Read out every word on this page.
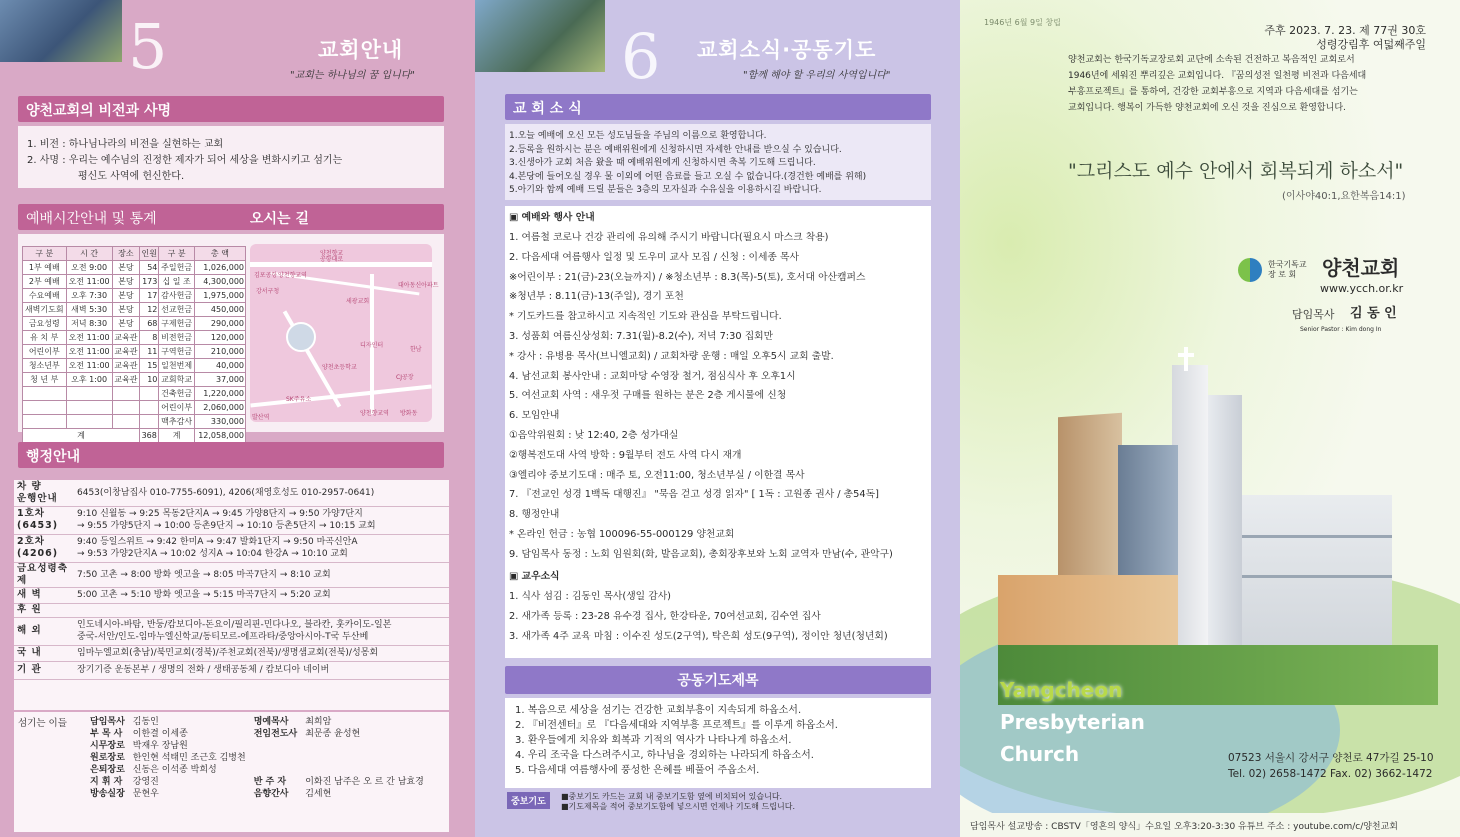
5	교회안내
"교회는 하나님의 꿈 입니다"
양천교회의 비전과 사명
1. 비전 : 하나님나라의 비전을 실현하는 교회
2. 사명 : 우리는 예수님의 진정한 제자가 되어 세상을 변화시키고 섬기는
평신도 사역에 헌신한다.
예배시간안내 및 통계	오시는 길
구 분	시 간	장소	인원	구 분	총 액
1부 예배	오전 9:00	본당	54	주일헌금	1,026,000
2부 예배	오전 11:00	본당	173	십 일 조	4,300,000
수요예배	오후 7:30	본당	17	감사헌금	1,975,000
새벽기도회	새벽 5:30	본당	12	선교헌금	450,000
금요성령	저녁 8:30	본당	68	구제헌금	290,000
유 치 부	오전 11:00	교육관	8	비전헌금	120,000
어린이부	오전 11:00	교육관	11	구역헌금	210,000
청소년부	오전 11:00	교육관	15	일천번제	40,000
청 년 부	오후 1:00	교육관	10	교회학교	37,000
				건축헌금	1,220,000
				어린이부	2,060,000
				맥추감사	330,000
계			368	계	12,058,000
김포공항 양천향교역
강서구청
양천향교
세광교회
대아동신아파트
디자인터
양천초등학교
CJ공장
SK주유소
발산역
양천향교역 방화동
한남
공항대로
행정안내
차 량
운행안내	6453(이창남집사 010-7755-6091), 4206(채영호성도 010-2957-0641)
1호차(6453)	9:10 신월동 → 9:25 목동2단지A → 9:45 가양8단지 → 9:50 가양7단지
→ 9:55 가양5단지 → 10:00 등촌9단지 → 10:10 등촌5단지 → 10:15 교회
2호차(4206)	9:40 등일스위트 → 9:42 한미A → 9:47 발화1단지 → 9:50 마곡신안A
→ 9:53 가양2단지A → 10:02 성지A → 10:04 한강A → 10:10 교회
금요성령축제	7:50 고촌 → 8:00 방화 엣고을 → 8:05 마곡7단지 → 8:10 교회
새 벽	5:00 고촌 → 5:10 방화 엣고을 → 5:15 마곡7단지 → 5:20 교회
후 원	
해 외	인도네시아-바탐, 반둥/캄보디아-돈요이/필리핀-민다나오, 블라칸, 훗카이도-일본
중국-서안/인도-임마누엘신학교/동티모르-에프라타/중앙아시아-T국 두산베
국 내	임마누엘교회(충남)/북민교회(경북)/주천교회(전북)/생명샘교회(전북)/성몽회
기 관	장기기증 운동본부 / 생명의 전화 / 생태공동체 / 캄보디아 네이버
섬기는 이들	담임목사	김동인	명예목사	최희암
부 목 사	이한결 이세종	전임전도사	최문종 윤성현
시무장로	박재우 장남원		
원로장로	한인현 석태민 조근호 김병천		
은퇴장로	신동은 이석종 박희성		
지 휘 자	강영진	반 주 자	이화진 남주은 오 르 간 남효경
방송실장	문현우	음향간사	김세현
6 교회소식·공동기도
"함께 해야 할 우리의 사역입니다"
교 회 소 식
1.오늘 예배에 오신 모든 성도님들을 주님의 이름으로 환영합니다.
2.등록을 원하시는 분은 예배위원에게 신청하시면 자세한 안내를 받으실 수 있습니다.
3.신생아가 교회 처음 왔을 때 예배위원에게 신청하시면 축복 기도해 드립니다.
4.본당에 들어오실 경우 물 이외에 어떤 음료를 들고 오실 수 없습니다.(경건한 예배를 위해)
5.아기와 함께 예배 드릴 분들은 3층의 모자실과 수유실을 이용하시길 바랍니다.
▣ 예배와 행사 안내
1. 여름철 코로나 건강 관리에 유의해 주시기 바랍니다(필요시 마스크 착용)
2. 다음세대 여름행사 일정 및 도우미 교사 모집 / 신청 : 이세종 목사
※어린이부 : 21(금)-23(오늘까지) / ※청소년부 : 8.3(목)-5(토), 호서대 아산캠퍼스
※청년부 : 8.11(금)-13(주일), 경기 포천
* 기도카드를 참고하시고 지속적인 기도와 관심을 부탁드립니다.
3. 성품회 여름신상성회: 7.31(월)-8.2(수), 저녁 7:30 집회만
* 강사 : 유병용 목사(브니엘교회) / 교회차량 운행 : 매일 오후5시 교회 출발.
4. 남선교회 봉사안내 : 교회마당 수영장 철거, 점심식사 후 오후1시
5. 여선교회 사역 : 새우젓 구매를 원하는 분은 2층 게시물에 신청
6. 모임안내
①음악위원회 : 낮 12:40, 2층 성가대실
②행복전도대 사역 방학 : 9월부터 전도 사역 다시 재개
③엘리야 중보기도대 : 매주 토, 오전11:00, 청소년부실 / 이한결 목사
7. 『전교인 성경 1백독 대행진』 "묵음 걷고 성경 읽자" [ 1독 : 고원종 권사 / 총54독]
8. 행정안내
* 온라인 헌금 : 농협 100096-55-000129 양천교회
9. 담임목사 동정 : 노회 임원회(화, 발음교회), 총회장후보와 노회 교역자 만남(수, 관악구)
▣ 교우소식
1. 식사 섬김 : 김동인 목사(생일 감사)
2. 새가족 등록 : 23-28 유수경 집사, 한강타운, 70여선교회, 김수연 집사
3. 새가족 4주 교육 마침 : 이수진 성도(2구역), 탁은희 성도(9구역), 정이안 청년(청년회)
공동기도제목
1. 복음으로 세상을 섬기는 건강한 교회부흥이 지속되게 하옵소서.
2. 『비전센터』로 『다음세대와 지역부흥 프로젝트』를 이루게 하옵소서.
3. 환우들에게 치유와 회복과 기적의 역사가 나타나게 하옵소서.
4. 우리 조국을 다스려주시고, 하나님을 경외하는 나라되게 하옵소서.
5. 다음세대 여름행사에 풍성한 은혜를 베풀어 주옵소서.
중보기도
■중보기도 카드는 교회 내 중보기도함 옆에 비치되어 있습니다.
■기도제목을 적어 중보기도함에 넣으시면 언제나 기도해 드립니다.
1946년 6월 9일 창립
주후 2023. 7. 23. 제 77권 30호
성령강림후 여덟째주일
양천교회는 한국기독교장로회 교단에 소속된 건전하고 복음적인 교회로서
1946년에 세워진 뿌리깊은 교회입니다. 『꿈의성전 일천평 비전과 다음세대
부흥프로젝트』를 통하여, 건강한 교회부흥으로 지역과 다음세대를 섬기는
교회입니다. 행복이 가득한 양천교회에 오신 것을 진심으로 환영합니다.
"그리스도 예수 안에서 회복되게 하소서"
(이사야40:1,요한복음14:1)
한국기독교
장 로 회 양천교회
www.ycch.or.kr
담임목사 김 동 인
Senior Pastor : Kim dong In
Yangcheon
Presbyterian
Church	07523 서울시 강서구 양천로 47가길 25-10
Tel. 02) 2658-1472 Fax. 02) 3662-1472
담임목사 설교방송 : CBSTV「영혼의 양식」수요일 오후3:20-3:30 유튜브 주소 : youtube.com/c/양천교회
